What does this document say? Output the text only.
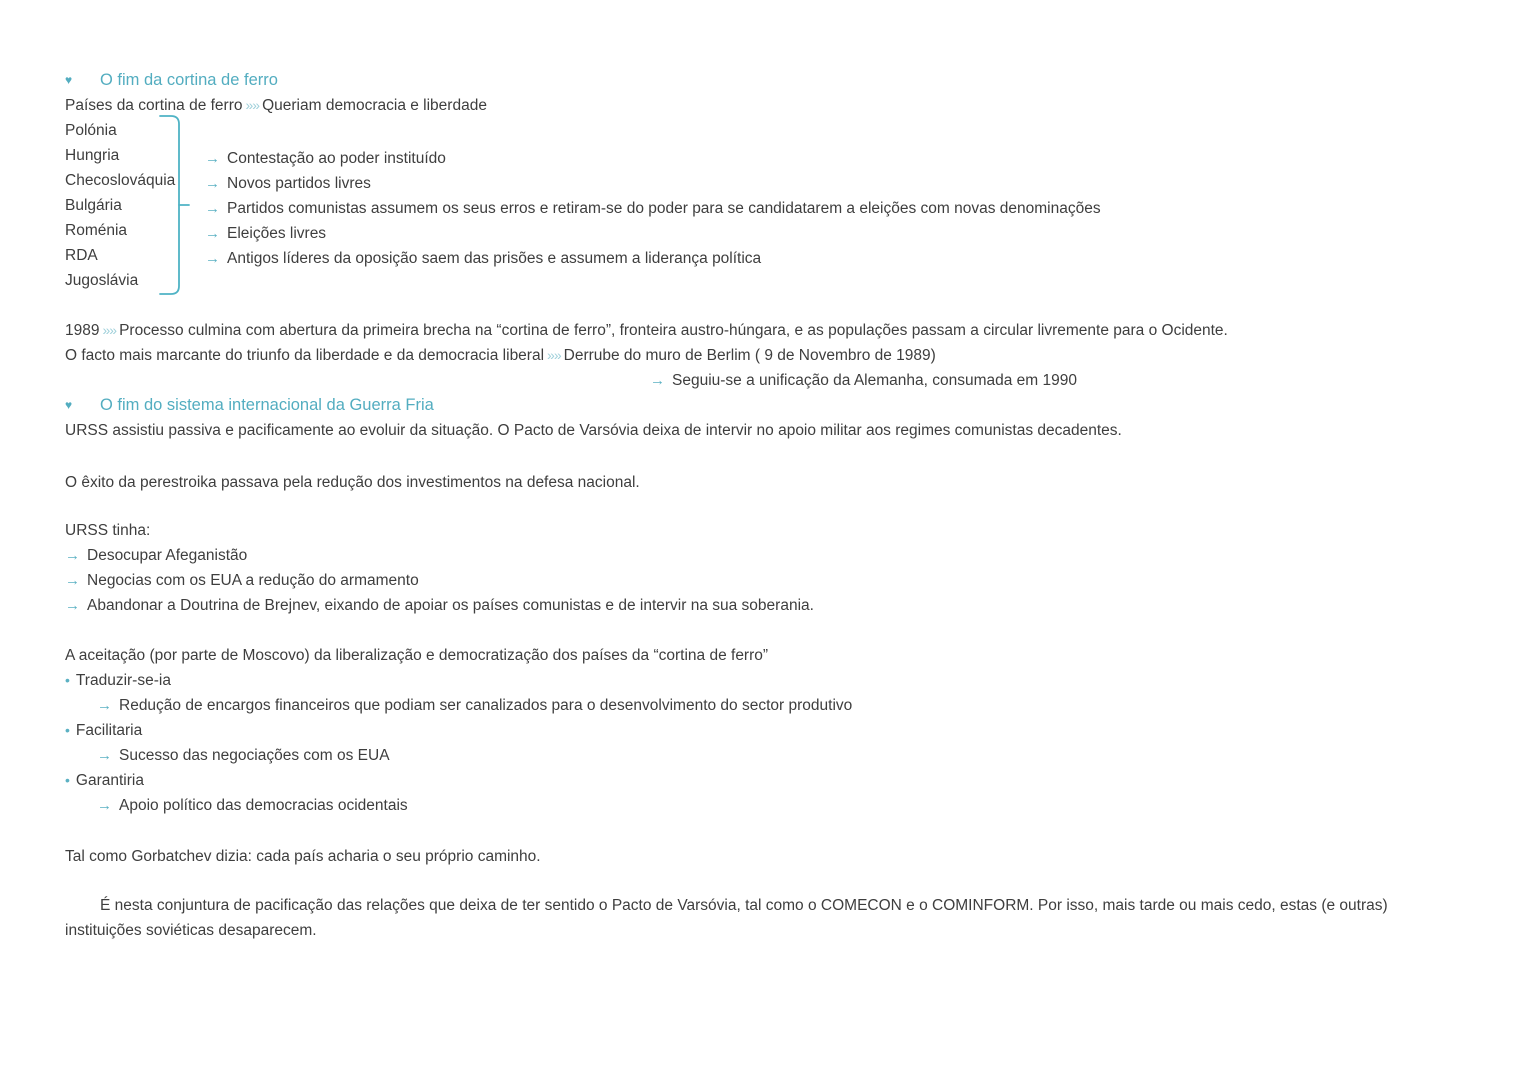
♥ O fim da cortina de ferro
Países da cortina de ferro »» Queriam democracia e liberdade
Polónia
Hungria
Checoslováquia
Bulgária
Roménia
RDA
Jugoslávia
→ Contestação ao poder instituído
→ Novos partidos livres
→ Partidos comunistas assumem os seus erros e retiram-se do poder para se candidatarem a eleições com novas denominações
→ Eleições livres
→ Antigos líderes da oposição saem das prisões e assumem a liderança política
1989 »» Processo culmina com abertura da primeira brecha na “cortina de ferro”, fronteira austro-húngara, e as populações passam a circular livremente para o Ocidente.
O facto mais marcante do triunfo da liberdade e da democracia liberal »» Derrube do muro de Berlim ( 9 de Novembro de 1989)
→ Seguiu-se a unificação da Alemanha, consumada em 1990
♥ O fim do sistema internacional da Guerra Fria
URSS assistiu passiva e pacificamente ao evoluir da situação. O Pacto de Varsóvia deixa de intervir no apoio militar aos regimes comunistas decadentes.
O êxito da perestroika passava pela redução dos investimentos na defesa nacional.
URSS tinha:
→ Desocupar Afeganistão
→ Negocias com os EUA a redução do armamento
→ Abandonar a Doutrina de Brejnev, eixando de apoiar os países comunistas e de intervir na sua soberania.
A aceitação (por parte de Moscovo) da liberalização e democratização dos países da “cortina de ferro”
• Traduzir-se-ia
→ Redução de encargos financeiros que podiam ser canalizados para o desenvolvimento do sector produtivo
• Facilitaria
→ Sucesso das negociações com os EUA
• Garantiria
→ Apoio político das democracias ocidentais
Tal como Gorbatchev dizia: cada país acharia o seu próprio caminho.
É nesta conjuntura de pacificação das relações que deixa de ter sentido o Pacto de Varsóvia, tal como o COMECON e o COMINFORM. Por isso, mais tarde ou mais cedo, estas (e outras) instituições soviéticas desaparecem.
